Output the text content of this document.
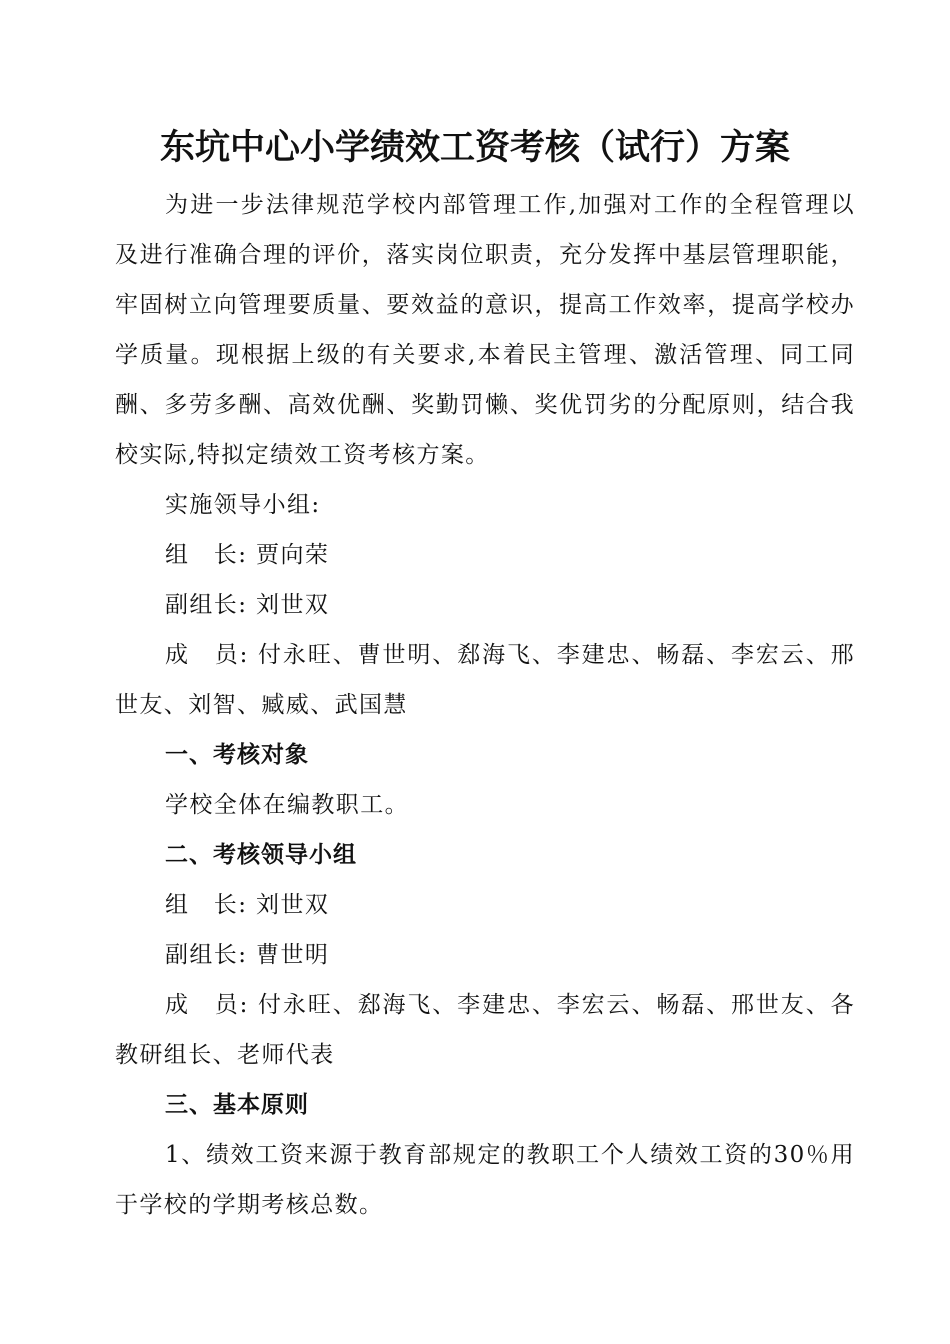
东坑中心小学绩效工资考核（试行）方案

为进一步法律规范学校内部管理工作,加强对工作的全程管理以及进行准确合理的评价，落实岗位职责，充分发挥中基层管理职能，牢固树立向管理要质量、要效益的意识，提高工作效率，提高学校办学质量。现根据上级的有关要求,本着民主管理、激活管理、同工同酬、多劳多酬、高效优酬、奖勤罚懒、奖优罚劣的分配原则，结合我校实际,特拟定绩效工资考核方案。

实施领导小组:

组　长: 贾向荣

副组长: 刘世双

成　员: 付永旺、曹世明、郄海飞、李建忠、畅磊、李宏云、邢世友、刘智、臧威、武国慧

一、考核对象

学校全体在编教职工。

二、考核领导小组

组　长: 刘世双

副组长: 曹世明

成　员: 付永旺、郄海飞、李建忠、李宏云、畅磊、邢世友、各教研组长、老师代表

三、基本原则

1、绩效工资来源于教育部规定的教职工个人绩效工资的30％用于学校的学期考核总数。
